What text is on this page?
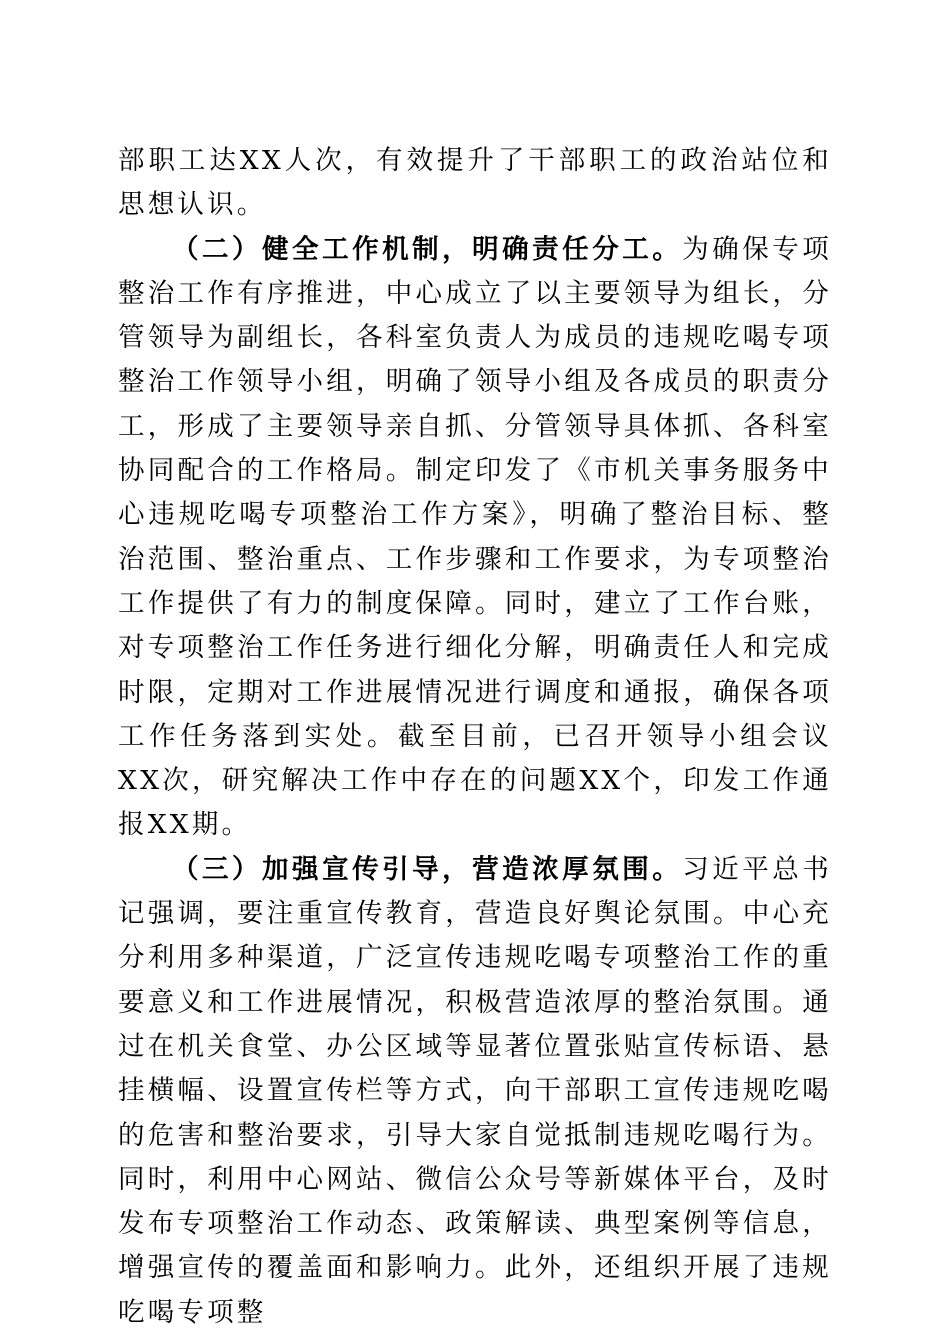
部职工达XX人次，有效提升了干部职工的政治站位和思想认识。

（二）健全工作机制，明确责任分工。为确保专项整治工作有序推进，中心成立了以主要领导为组长，分管领导为副组长，各科室负责人为成员的违规吃喝专项整治工作领导小组，明确了领导小组及各成员的职责分工，形成了主要领导亲自抓、分管领导具体抓、各科室协同配合的工作格局。制定印发了《市机关事务服务中心违规吃喝专项整治工作方案》，明确了整治目标、整治范围、整治重点、工作步骤和工作要求，为专项整治工作提供了有力的制度保障。同时，建立了工作台账，对专项整治工作任务进行细化分解，明确责任人和完成时限，定期对工作进展情况进行调度和通报，确保各项工作任务落到实处。截至目前，已召开领导小组会议XX次，研究解决工作中存在的问题XX个，印发工作通报XX期。

（三）加强宣传引导，营造浓厚氛围。习近平总书记强调，要注重宣传教育，营造良好舆论氛围。中心充分利用多种渠道，广泛宣传违规吃喝专项整治工作的重要意义和工作进展情况，积极营造浓厚的整治氛围。通过在机关食堂、办公区域等显著位置张贴宣传标语、悬挂横幅、设置宣传栏等方式，向干部职工宣传违规吃喝的危害和整治要求，引导大家自觉抵制违规吃喝行为。同时，利用中心网站、微信公众号等新媒体平台，及时发布专项整治工作动态、政策解读、典型案例等信息，增强宣传的覆盖面和影响力。此外，还组织开展了违规吃喝专项整
